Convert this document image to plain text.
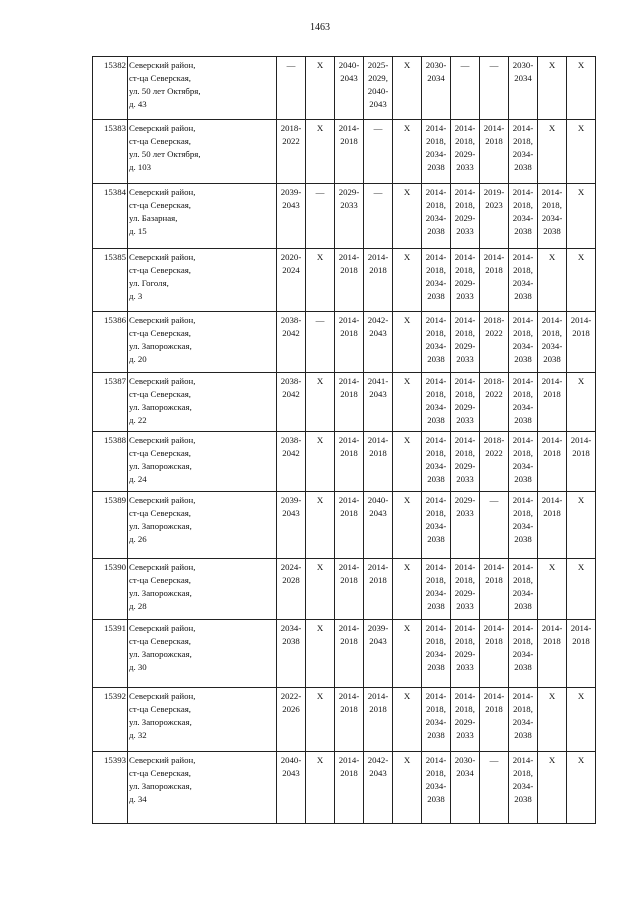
1463
15382	Северский район,
ст-ца Северская,
ул. 50 лет Октября,
д. 43	—	Х	2040-
2043	2025-
2029,
2040-
2043	Х	2030-
2034	—	—	2030-
2034	Х	Х
15383	Северский район,
ст-ца Северская,
ул. 50 лет Октября,
д. 103	2018-
2022	Х	2014-
2018	—	Х	2014-
2018,
2034-
2038	2014-
2018,
2029-
2033	2014-
2018	2014-
2018,
2034-
2038	Х	Х
15384	Северский район,
ст-ца Северская,
ул. Базарная,
д. 15	2039-
2043	—	2029-
2033	—	Х	2014-
2018,
2034-
2038	2014-
2018,
2029-
2033	2019-
2023	2014-
2018,
2034-
2038	2014-
2018,
2034-
2038	Х
15385	Северский район,
ст-ца Северская,
ул. Гоголя,
д. 3	2020-
2024	Х	2014-
2018	2014-
2018	Х	2014-
2018,
2034-
2038	2014-
2018,
2029-
2033	2014-
2018	2014-
2018,
2034-
2038	Х	Х
15386	Северский район,
ст-ца Северская,
ул. Запорожская,
д. 20	2038-
2042	—	2014-
2018	2042-
2043	Х	2014-
2018,
2034-
2038	2014-
2018,
2029-
2033	2018-
2022	2014-
2018,
2034-
2038	2014-
2018,
2034-
2038	2014-
2018
15387	Северский район,
ст-ца Северская,
ул. Запорожская,
д. 22	2038-
2042	Х	2014-
2018	2041-
2043	Х	2014-
2018,
2034-
2038	2014-
2018,
2029-
2033	2018-
2022	2014-
2018,
2034-
2038	2014-
2018	Х
15388	Северский район,
ст-ца Северская,
ул. Запорожская,
д. 24	2038-
2042	Х	2014-
2018	2014-
2018	Х	2014-
2018,
2034-
2038	2014-
2018,
2029-
2033	2018-
2022	2014-
2018,
2034-
2038	2014-
2018	2014-
2018
15389	Северский район,
ст-ца Северская,
ул. Запорожская,
д. 26	2039-
2043	Х	2014-
2018	2040-
2043	Х	2014-
2018,
2034-
2038	2029-
2033	—	2014-
2018,
2034-
2038	2014-
2018	Х
15390	Северский район,
ст-ца Северская,
ул. Запорожская,
д. 28	2024-
2028	Х	2014-
2018	2014-
2018	Х	2014-
2018,
2034-
2038	2014-
2018,
2029-
2033	2014-
2018	2014-
2018,
2034-
2038	Х	Х
15391	Северский район,
ст-ца Северская,
ул. Запорожская,
д. 30	2034-
2038	Х	2014-
2018	2039-
2043	Х	2014-
2018,
2034-
2038	2014-
2018,
2029-
2033	2014-
2018	2014-
2018,
2034-
2038	2014-
2018	2014-
2018
15392	Северский район,
ст-ца Северская,
ул. Запорожская,
д. 32	2022-
2026	Х	2014-
2018	2014-
2018	Х	2014-
2018,
2034-
2038	2014-
2018,
2029-
2033	2014-
2018	2014-
2018,
2034-
2038	Х	Х
15393	Северский район,
ст-ца Северская,
ул. Запорожская,
д. 34	2040-
2043	Х	2014-
2018	2042-
2043	Х	2014-
2018,
2034-
2038	2030-
2034	—	2014-
2018,
2034-
2038	Х	Х
